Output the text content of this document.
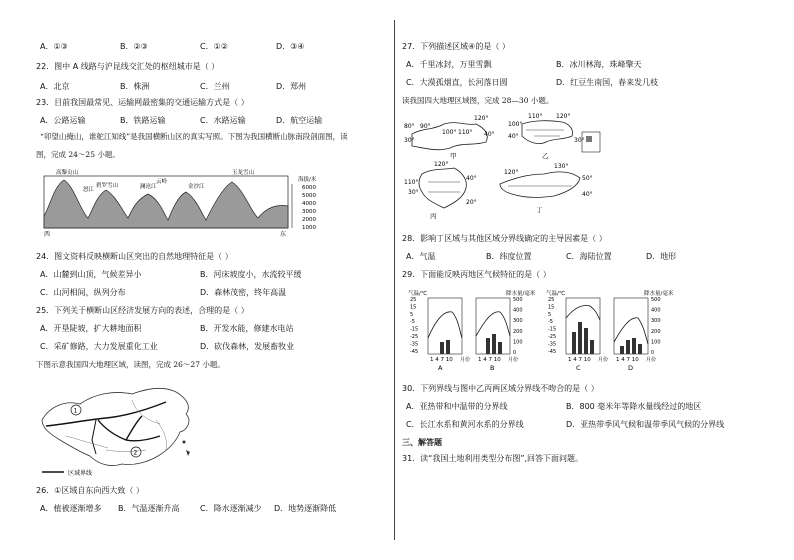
A．①③	B．②③	C．①②	D．③④
22．图中 A 线路与沪昆线交汇处的枢纽城市是（ ）
A．北京	B．株洲	C．兰州	D．郑州
23．目前我国最常见、运输网最密集的交通运输方式是（ ）
A．公路运输	B．铁路运输	C．水路运输	D．航空运输
“卯望山掩山，谁舵江知线”是我国横断山区的真实写照。下图为我国横断山脉南段剖面图，读
图，完成 24～25 小题。
高黎贡山
怒江
碧罗雪山	澜沧江
云岭
金沙江
玉龙雪山
海拔/米
6000
5000
4000
3000
2000
1000
西	东
24．图文资料反映横断山区突出的自然地理特征是（ ）
A．山麓到山顶，气候差异小	B．河床坡度小，水流较平缓
C．山河相间，纵列分布	D．森林茂密，终年高温
25．下列关于横断山区经济发展方向的表述，合理的是（ ）
A．开垦陡坡，扩大耕地面积	B．开发水能，修建水电站
C．采矿修路，大力发展重化工业	D．砍伐森林，发展畜牧业
下图示意我国四大地理区域，读图，完成 26～27 小题。
1
2
区域界线
26．①区域自东向西大致（ ）
A．植被逐渐增多 B．气温逐渐升高	C．降水逐渐减少 D．地势逐渐降低
27．下列描述区域④的是（ ）
A．千里冰封，万里雪飘	B．冰川林海，珠峰擎天
C．大漠孤烟直，长河落日圆	D．红豆生南国，春来发几枝
读我国四大地理区域图，完成 28—30 小题。
120°
80° 90°
100° 110° 40°
30°
甲
110° 120°
100°
40°
30°
乙
120°
110°
30°
40°
20°
丙
130°
120°
50°
40°
丁
28．影响丁区域与其他区域分界线确定的主导因素是（ ）
A．气温	B．纬度位置	C．海陆位置	D．地形
29．下面能反映丙地区气候特征的是（ ）
气温/℃	降水量/毫米
25
15
5
-5
-15
-25
-35
-45
500
400
300
200
100
0
1 4 7 10	1 4 7 10
月份	月份
A	B
气温/℃	降水量/毫米
25
15
5
-5
-15
-25
-35
-45
500
400
300
200
100
0
1 4 7 10	1 4 7 10
月份	月份
C	D
30．下列界线与图中乙丙两区域分界线不吻合的是（ ）
A．亚热带和中温带的分界线	B．800 毫米年等降水量线经过的地区
C．长江水系和黄河水系的分界线	D．亚热带季风气候和温带季风气候的分界线
三、解答题
31．读“我国土地利用类型分布图”,回答下面问题。
